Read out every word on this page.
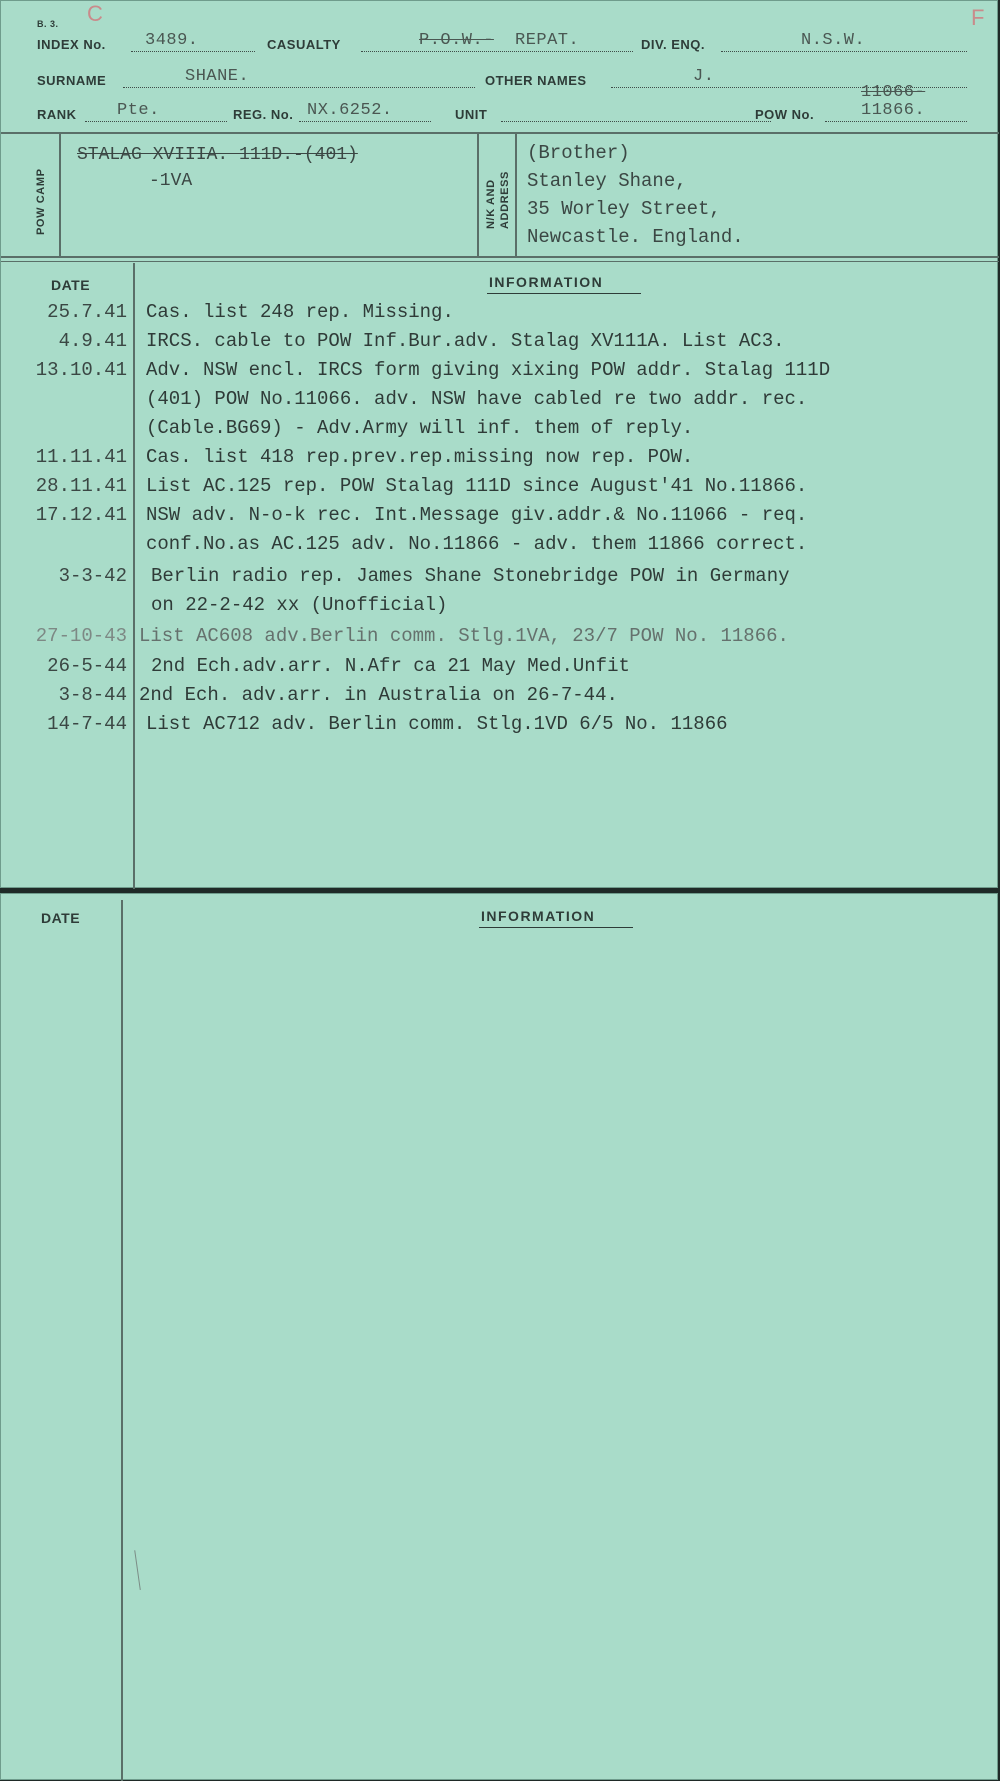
C	F
B. 3.
INDEX No. 3489.	CASUALTY	P.O.W.- REPAT.	DIV. ENQ.	N.S.W.
SURNAME	SHANE.	OTHER NAMES	J.
RANK Pte.	REG. No. NX.6252.	UNIT	POW No.
11066-
11866.
POW CAMP
STALAG XVIIIA. 111D.-(401)
-1VA	N/K AND ADDRESS
(Brother)
Stanley Shane,
35 Worley Street,
Newcastle. England.
DATE	INFORMATION
25.7.41 Cas. list 248 rep. Missing.
4.9.41 IRCS. cable to POW Inf.Bur.adv. Stalag XV111A. List AC3.
13.10.41 Adv. NSW encl. IRCS form giving xixing POW addr. Stalag 111D
(401) POW No.11066. adv. NSW have cabled re two addr. rec.
(Cable.BG69) - Adv.Army will inf. them of reply.
11.11.41 Cas. list 418 rep.prev.rep.missing now rep. POW.
28.11.41 List AC.125 rep. POW Stalag 111D since August'41 No.11866.
17.12.41 NSW adv. N-o-k rec. Int.Message giv.addr.& No.11066 - req.
conf.No.as AC.125 adv. No.11866 - adv. them 11866 correct.
3-3-42 Berlin radio rep. James Shane Stonebridge POW in Germany
on 22-2-42 xx (Unofficial)
27-10-43 List AC608 adv.Berlin comm. Stlg.1VA, 23/7 POW No. 11866.
26-5-44 2nd Ech.adv.arr. N.Afr ca 21 May Med.Unfit
3-8-44 2nd Ech. adv.arr. in Australia on 26-7-44.
14-7-44 List AC712 adv. Berlin comm. Stlg.1VD 6/5 No. 11866
DATE	INFORMATION
